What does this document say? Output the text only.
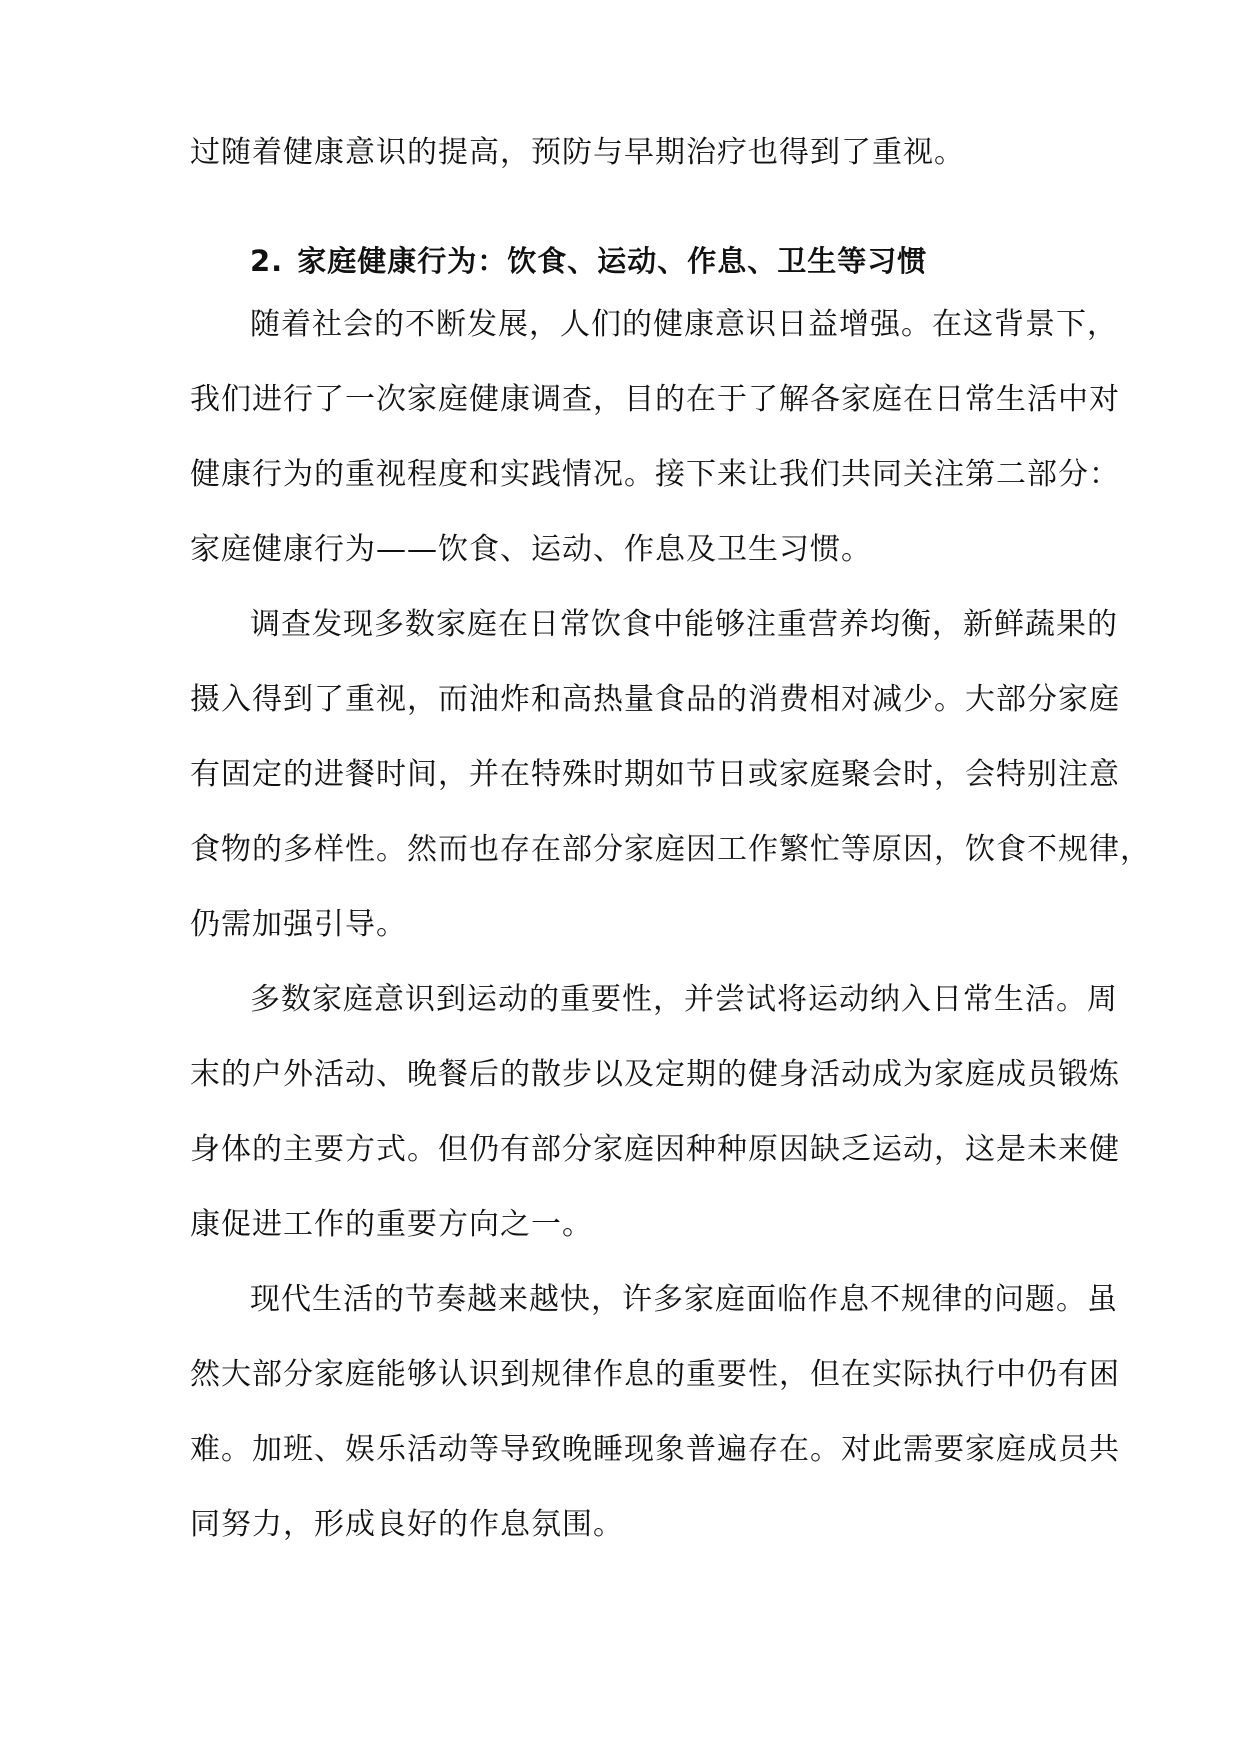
过随着健康意识的提高，预防与早期治疗也得到了重视。
2. 家庭健康行为：饮食、运动、作息、卫生等习惯
随着社会的不断发展，人们的健康意识日益增强。在这背景下，
我们进行了一次家庭健康调查，目的在于了解各家庭在日常生活中对
健康行为的重视程度和实践情况。接下来让我们共同关注第二部分：
家庭健康行为——饮食、运动、作息及卫生习惯。
调查发现多数家庭在日常饮食中能够注重营养均衡，新鲜蔬果的
摄入得到了重视，而油炸和高热量食品的消费相对减少。大部分家庭
有固定的进餐时间，并在特殊时期如节日或家庭聚会时，会特别注意
食物的多样性。然而也存在部分家庭因工作繁忙等原因，饮食不规律，
仍需加强引导。
多数家庭意识到运动的重要性，并尝试将运动纳入日常生活。周
末的户外活动、晚餐后的散步以及定期的健身活动成为家庭成员锻炼
身体的主要方式。但仍有部分家庭因种种原因缺乏运动，这是未来健
康促进工作的重要方向之一。
现代生活的节奏越来越快，许多家庭面临作息不规律的问题。虽
然大部分家庭能够认识到规律作息的重要性，但在实际执行中仍有困
难。加班、娱乐活动等导致晚睡现象普遍存在。对此需要家庭成员共
同努力，形成良好的作息氛围。
